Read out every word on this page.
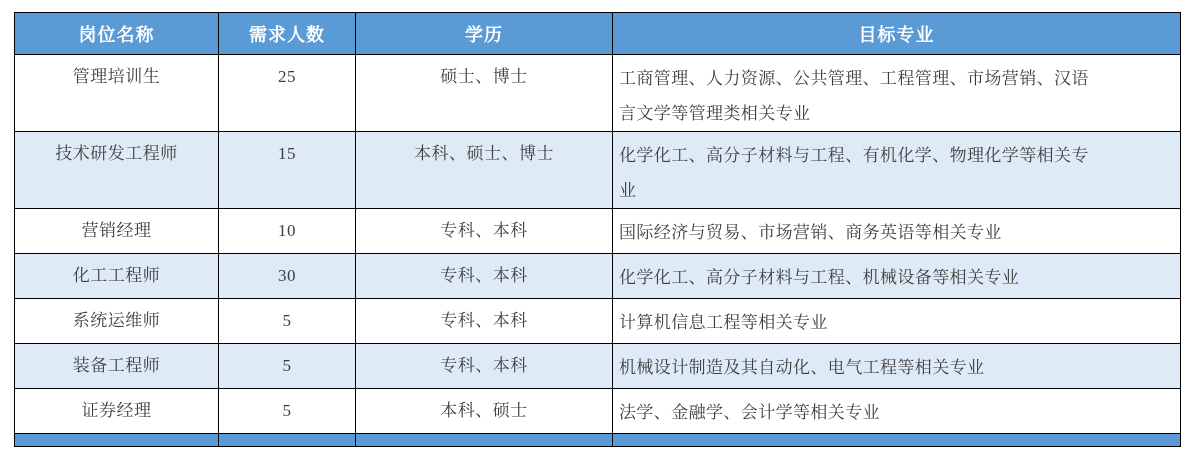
岗位名称	需求人数	学历	目标专业
管理培训生	25	硕士、博士	工商管理、人力资源、公共管理、工程管理、市场营销、汉语言文学等管理类相关专业
技术研发工程师	15	本科、硕士、博士	化学化工、高分子材料与工程、有机化学、物理化学等相关专业
营销经理	10	专科、本科	国际经济与贸易、市场营销、商务英语等相关专业
化工工程师	30	专科、本科	化学化工、高分子材料与工程、机械设备等相关专业
系统运维师	5	专科、本科	计算机信息工程等相关专业
装备工程师	5	专科、本科	机械设计制造及其自动化、电气工程等相关专业
证券经理	5	本科、硕士	法学、金融学、会计学等相关专业
